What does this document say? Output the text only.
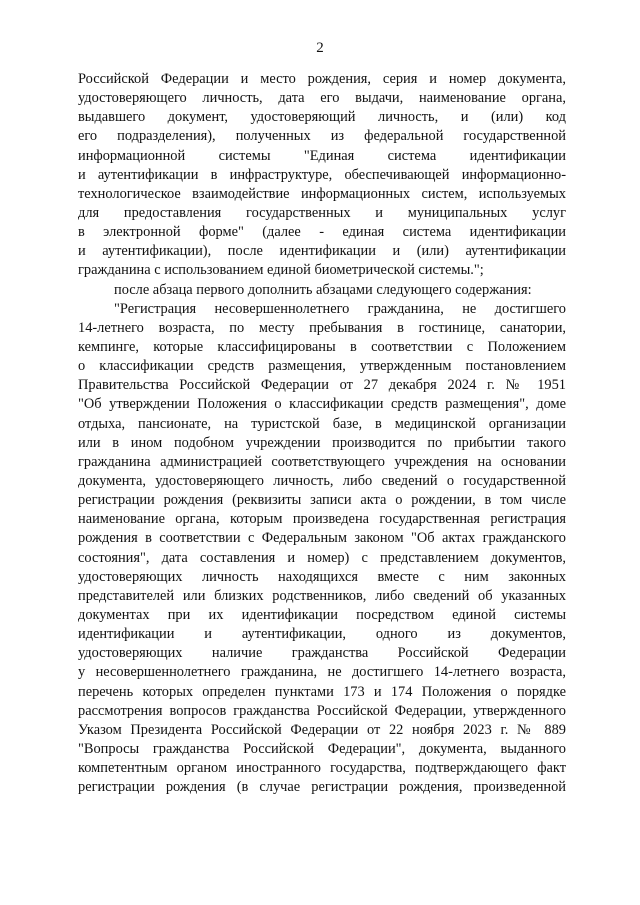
2
Российской Федерации и место рождения, серия и номер документа,
удостоверяющего личность, дата его выдачи, наименование органа,
выдавшего документ, удостоверяющий личность, и (или) код
его подразделения), полученных из федеральной государственной
информационной системы "Единая система идентификации
и аутентификации в инфраструктуре, обеспечивающей информационно-
технологическое взаимодействие информационных систем, используемых
для предоставления государственных и муниципальных услуг
в электронной форме" (далее - единая система идентификации
и аутентификации), после идентификации и (или) аутентификации
гражданина с использованием единой биометрической системы.";
после абзаца первого дополнить абзацами следующего содержания:
"Регистрация несовершеннолетнего гражданина, не достигшего
14-летнего возраста, по месту пребывания в гостинице, санатории,
кемпинге, которые классифицированы в соответствии с Положением
о классификации средств размещения, утвержденным постановлением
Правительства Российской Федерации от 27 декабря 2024 г. № 1951
"Об утверждении Положения о классификации средств размещения", доме
отдыха, пансионате, на туристской базе, в медицинской организации
или в ином подобном учреждении производится по прибытии такого
гражданина администрацией соответствующего учреждения на основании
документа, удостоверяющего личность, либо сведений о государственной
регистрации рождения (реквизиты записи акта о рождении, в том числе
наименование органа, которым произведена государственная регистрация
рождения в соответствии с Федеральным законом "Об актах гражданского
состояния", дата составления и номер) с представлением документов,
удостоверяющих личность находящихся вместе с ним законных
представителей или близких родственников, либо сведений об указанных
документах при их идентификации посредством единой системы
идентификации и аутентификации, одного из документов,
удостоверяющих наличие гражданства Российской Федерации
у несовершеннолетнего гражданина, не достигшего 14-летнего возраста,
перечень которых определен пунктами 173 и 174 Положения о порядке
рассмотрения вопросов гражданства Российской Федерации, утвержденного
Указом Президента Российской Федерации от 22 ноября 2023 г. № 889
"Вопросы гражданства Российской Федерации", документа, выданного
компетентным органом иностранного государства, подтверждающего факт
регистрации рождения (в случае регистрации рождения, произведенной
